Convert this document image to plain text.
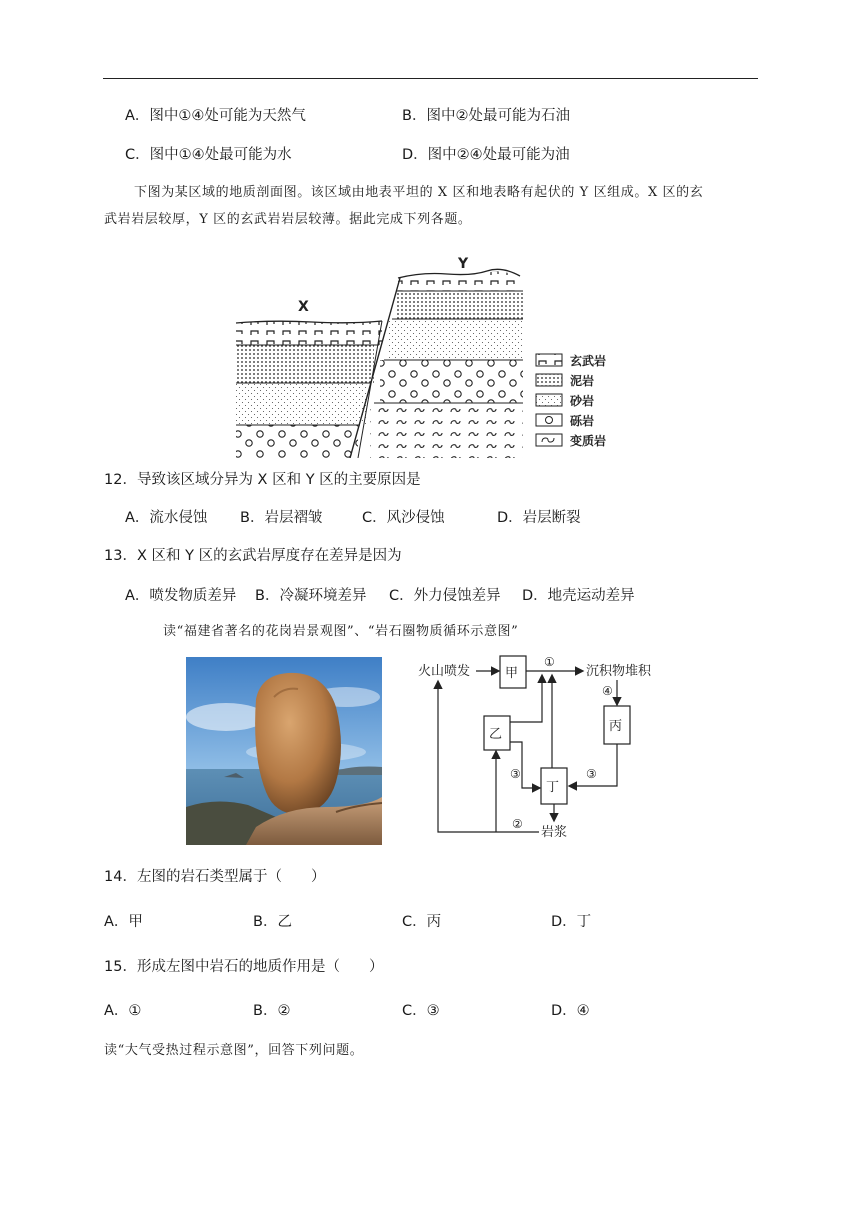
A．图中①④处可能为天然气	B．图中②处最可能为石油
C．图中①④处最可能为水	D．图中②④处最可能为油
下图为某区域的地质剖面图。该区域由地表平坦的 X 区和地表略有起伏的 Y 区组成。X 区的玄
武岩岩层较厚，Y 区的玄武岩岩层较薄。据此完成下列各题。
X
Y
玄武岩
泥岩
砂岩
砾岩
变质岩
12．导致该区域分异为 X 区和 Y 区的主要原因是
A．流水侵蚀 B．岩层褶皱	C．风沙侵蚀	D．岩层断裂
13．X 区和 Y 区的玄武岩厚度存在差异是因为
A．喷发物质差异 B．冷凝环境差异 C．外力侵蚀差异 D．地壳运动差异
读“福建省著名的花岗岩景观图”、“岩石圈物质循环示意图”
火山喷发	沉积物堆积
岩浆
甲
乙
丙
丁
①
④
③
③
②
14．左图的岩石类型属于（　　）
A．甲	B．乙	C．丙	D．丁
15．形成左图中岩石的地质作用是（　　）
A．①	B．②	C．③	D．④
读“大气受热过程示意图”，回答下列问题。
